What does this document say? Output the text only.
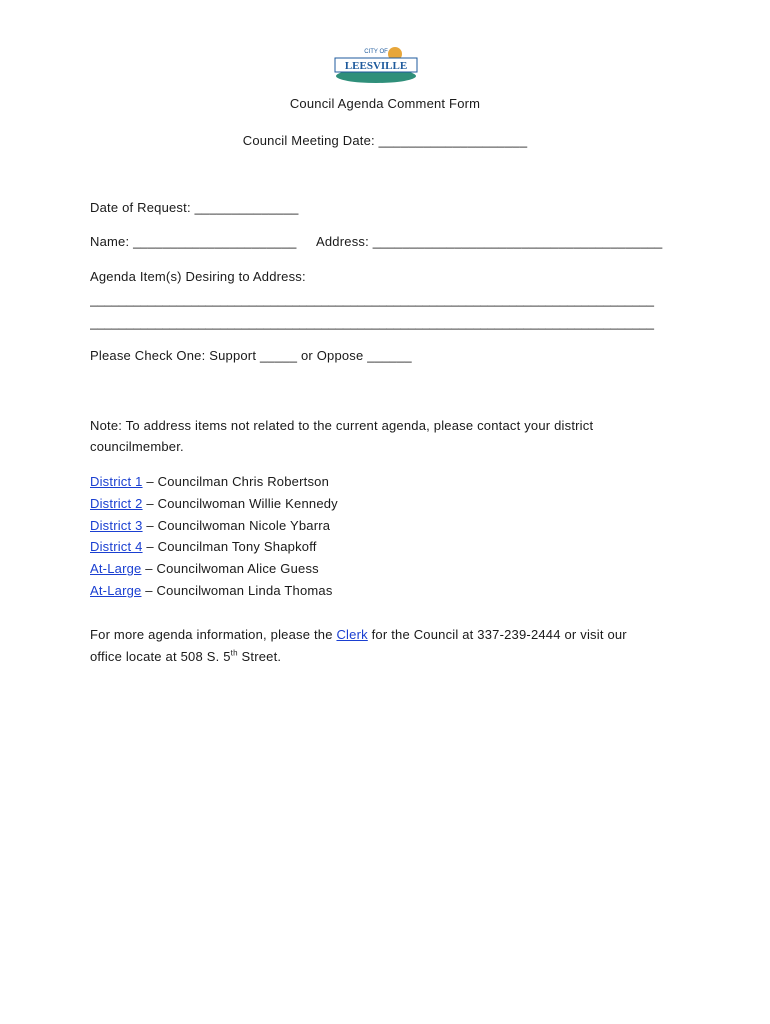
CITY OF
LEESVILLE
Council Agenda Comment Form
Council Meeting Date: ____________________
Date of Request: ______________
Name: ______________________ Address: _______________________________________
Agenda Item(s) Desiring to Address:
______________________________________________________________________________
______________________________________________________________________________
Please Check One: Support _____ or Oppose ______
Note: To address items not related to the current agenda, please contact your district
councilmember.
District 1 – Councilman Chris Robertson
District 2 – Councilwoman Willie Kennedy
District 3 – Councilwoman Nicole Ybarra
District 4 – Councilman Tony Shapkoff
At-Large – Councilwoman Alice Guess
At-Large – Councilwoman Linda Thomas
For more agenda information, please the Clerk for the Council at 337-239-2444 or visit our
office locate at 508 S. 5th Street.
